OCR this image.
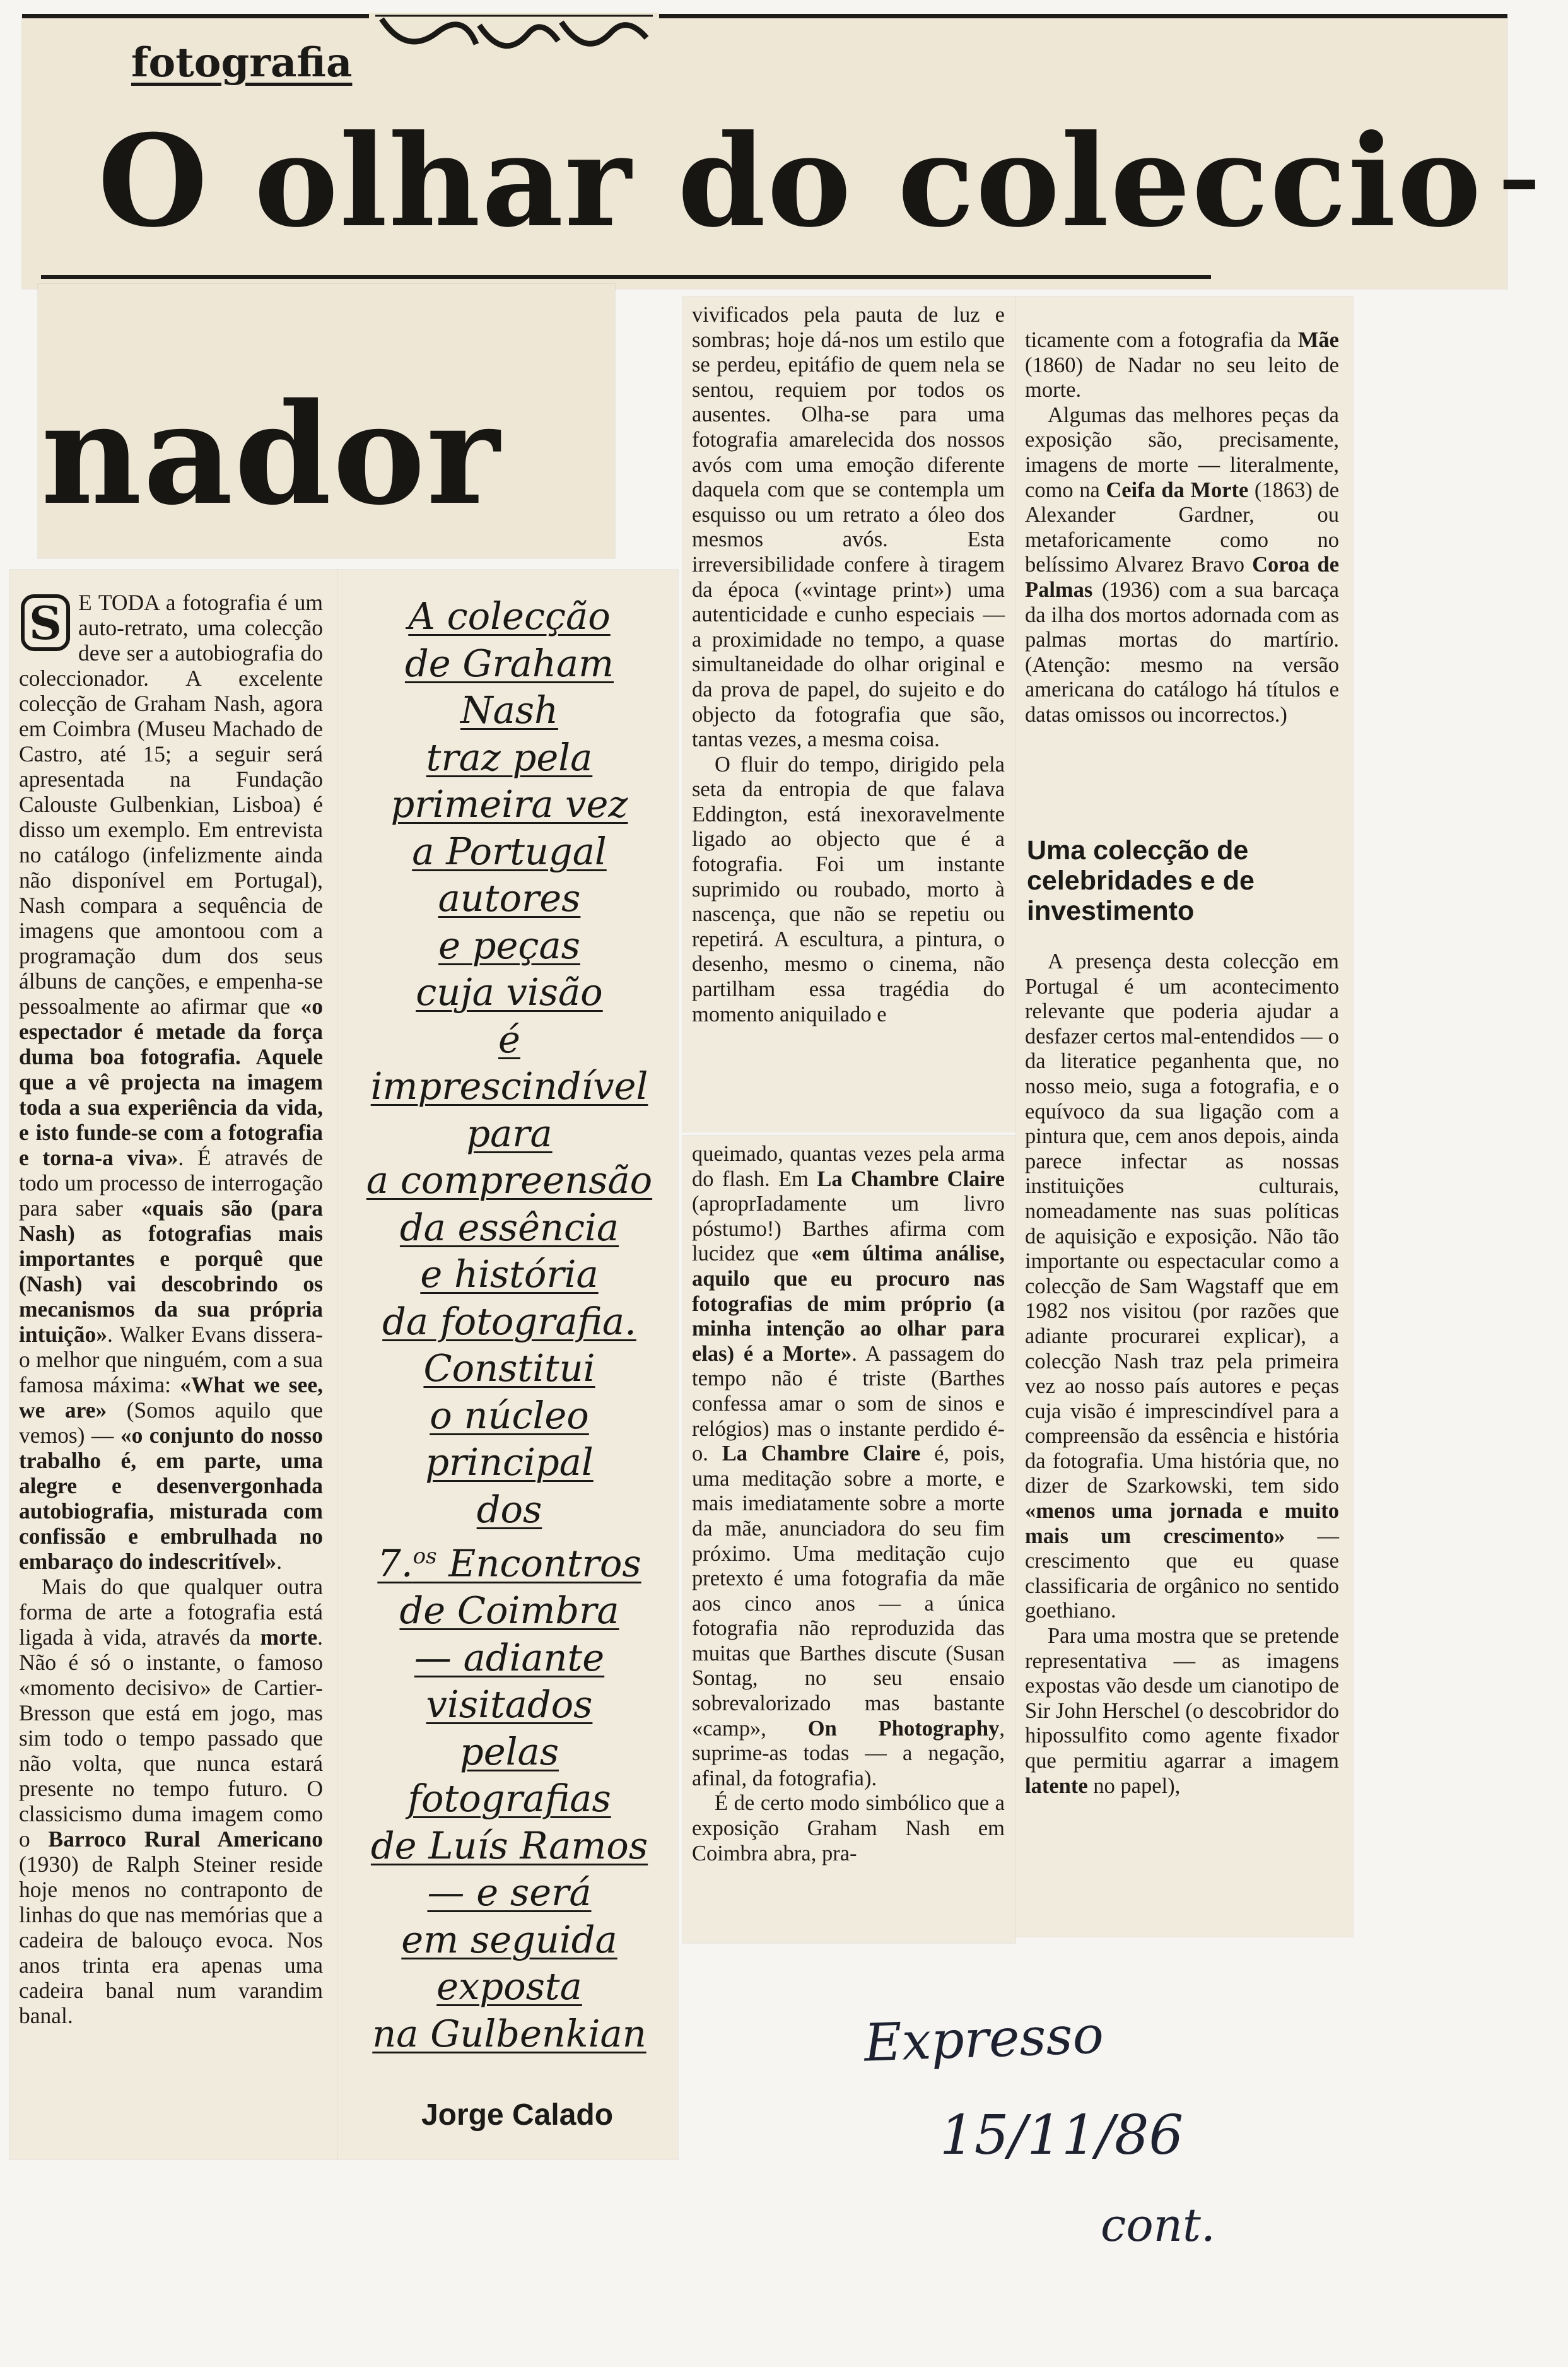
fotografia
O olhar do coleccio -
nador

S E TODA a fotografia é um auto-retrato, uma colecção deve ser a autobiografia do coleccionador. A excelente colecção de Graham Nash, agora em Coimbra (Museu Machado de Castro, até 15; a seguir será apresentada na Fundação Calouste Gulbenkian, Lisboa) é disso um exemplo. Em entrevista no catálogo (infelizmente ainda não disponível em Portugal), Nash compara a sequência de imagens que amontoou com a programação dum dos seus álbuns de canções, e empenha-se pessoalmente ao afirmar que «o espectador é metade da força duma boa fotografia. Aquele que a vê projecta na imagem toda a sua experiência da vida, e isto funde-se com a fotografia e torna-a viva». É através de todo um processo de interrogação para saber «quais são (para Nash) as fotografias mais importantes e porquê que (Nash) vai descobrindo os mecanismos da sua própria intuição». Walker Evans dissera-o melhor que ninguém, com a sua famosa máxima: «What we see, we are» (Somos aquilo que vemos) — «o conjunto do nosso trabalho é, em parte, uma alegre e desenvergonhada autobiografia, misturada com confissão e embrulhada no embaraço do indescritível».

Mais do que qualquer outra forma de arte a fotografia está ligada à vida, através da morte. Não é só o instante, o famoso «momento decisivo» de Cartier-Bresson que está em jogo, mas sim todo o tempo passado que não volta, que nunca estará presente no tempo futuro. O classicismo duma imagem como o Barroco Rural Americano (1930) de Ralph Steiner reside hoje menos no contraponto de linhas do que nas memórias que a cadeira de balouço evoca. Nos anos trinta era apenas uma cadeira banal num varandim banal.

A colecção
de Graham
Nash
traz pela
primeira vez
a Portugal
autores
e peças
cuja visão
é
imprescindível
para
a compreensão
da essência
e história
da fotografia.
Constitui
o núcleo
principal
dos
7.$^{os}$ Encontros
de Coimbra
— adiante
visitados
pelas
fotografias
de Luís Ramos
— e será
em seguida
exposta
na Gulbenkian
Jorge Calado

vivificados pela pauta de luz e sombras; hoje dá-nos um estilo que se perdeu, epitáfio de quem nela se sentou, requiem por todos os ausentes. Olha-se para uma fotografia amarelecida dos nossos avós com uma emoção diferente daquela com que se contempla um esquisso ou um retrato a óleo dos mesmos avós. Esta irreversibilidade confere à tiragem da época («vintage print») uma autenticidade e cunho especiais — a proximidade no tempo, a quase simultaneidade do olhar original e da prova de papel, do sujeito e do objecto da fotografia que são, tantas vezes, a mesma coisa.

O fluir do tempo, dirigido pela seta da entropia de que falava Eddington, está inexoravelmente ligado ao objecto que é a fotografia. Foi um instante suprimido ou roubado, morto à nascença, que não se repetiu ou repetirá. A escultura, a pintura, o desenho, mesmo o cinema, não partilham essa tragédia do momento aniquilado e

queimado, quantas vezes pela arma do flash. Em La Chambre Claire (aproprIadamente um livro póstumo!) Barthes afirma com lucidez que «em última análise, aquilo que eu procuro nas fotografias de mim próprio (a minha intenção ao olhar para elas) é a Morte». A passagem do tempo não é triste (Barthes confessa amar o som de sinos e relógios) mas o instante perdido é-o. La Chambre Claire é, pois, uma meditação sobre a morte, e mais imediatamente sobre a morte da mãe, anunciadora do seu fim próximo. Uma meditação cujo pretexto é uma fotografia da mãe aos cinco anos — a única fotografia não reproduzida das muitas que Barthes discute (Susan Sontag, no seu ensaio sobrevalorizado mas bastante «camp», On Photography, suprime-as todas — a negação, afinal, da fotografia).

É de certo modo simbólico que a exposição Graham Nash em Coimbra abra, pra-

ticamente com a fotografia da Mãe (1860) de Nadar no seu leito de morte.

Algumas das melhores peças da exposição são, precisamente, imagens de morte — literalmente, como na Ceifa da Morte (1863) de Alexander Gardner, ou metaforicamente como no belíssimo Alvarez Bravo Coroa de Palmas (1936) com a sua barcaça da ilha dos mortos adornada com as palmas mortas do martírio. (Atenção: mesmo na versão americana do catálogo há títulos e datas omissos ou incorrectos.)

Uma colecção de celebridades e de investimento

A presença desta colecção em Portugal é um acontecimento relevante que poderia ajudar a desfazer certos mal-entendidos — o da literatice peganhenta que, no nosso meio, suga a fotografia, e o equívoco da sua ligação com a pintura que, cem anos depois, ainda parece infectar as nossas instituições culturais, nomeadamente nas suas políticas de aquisição e exposição. Não tão importante ou espectacular como a colecção de Sam Wagstaff que em 1982 nos visitou (por razões que adiante procurarei explicar), a colecção Nash traz pela primeira vez ao nosso país autores e peças cuja visão é imprescindível para a compreensão da essência e história da fotografia. Uma história que, no dizer de Szarkowski, tem sido «menos uma jornada e muito mais um crescimento» — crescimento que eu quase classificaria de orgânico no sentido goethiano.

Para uma mostra que se pretende representativa — as imagens expostas vão desde um cianotipo de Sir John Herschel (o descobridor do hipossulfito como agente fixador que permitiu agarrar a imagem latente no papel),

Expresso
15/11/86
cont.
